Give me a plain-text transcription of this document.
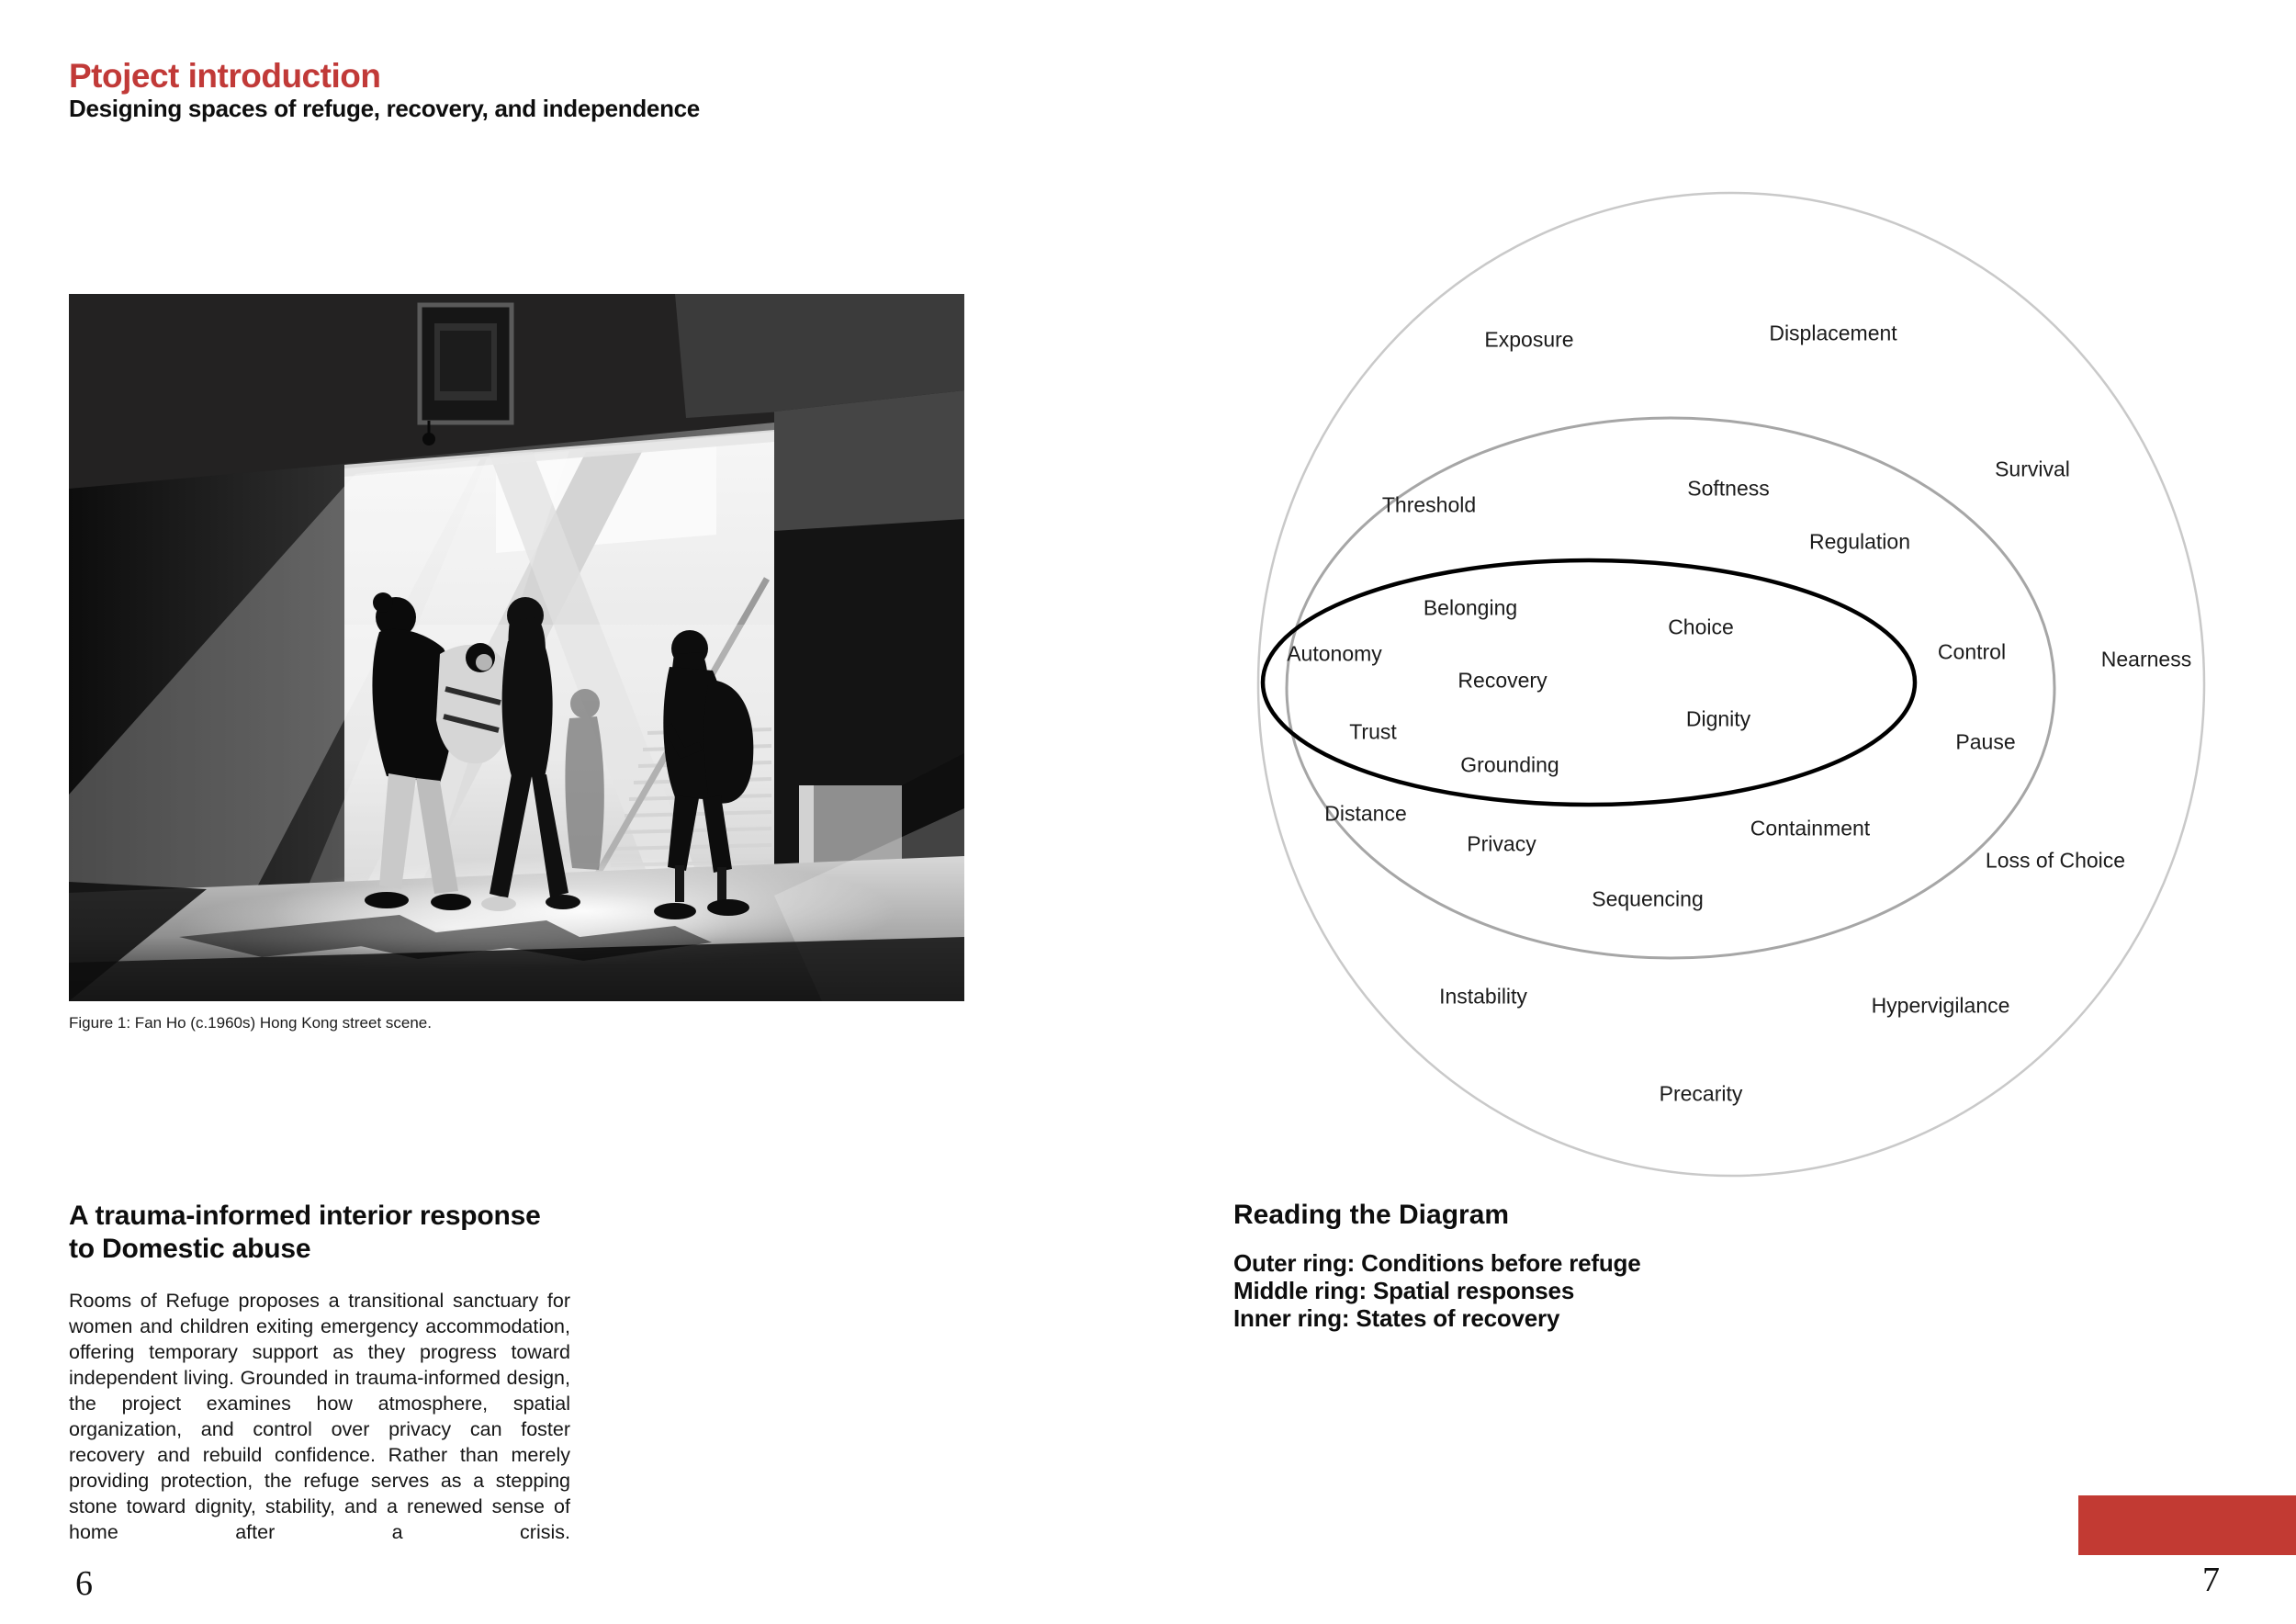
Ptoject introduction
Designing spaces of refuge, recovery, and independence
Figure 1: Fan Ho (c.1960s) Hong Kong street scene.
A trauma-informed interior response
to Domestic abuse

Rooms of Refuge proposes a transitional sanctuary for women and children exiting emergency accommodation, offering temporary support as they progress toward independent living. Grounded in trauma-informed design, the project examines how atmosphere, spatial organization, and control over privacy can foster recovery and rebuild confidence. Rather than merely providing protection, the refuge serves as a stepping stone toward dignity, stability, and a renewed sense of home after a crisis.

6
Exposure	Displacement
Survival
Nearness
Loss of Choice
Hypervigilance
Instability
Precarity
Threshold
Softness
Regulation
Control
Pause
Distance
Privacy
Containment
Sequencing
Belonging
Choice
Autonomy
Recovery
Trust
Dignity
Grounding
Reading the Diagram
Outer ring: Conditions before refuge
Middle ring: Spatial responses
Inner ring: States of recovery
7
